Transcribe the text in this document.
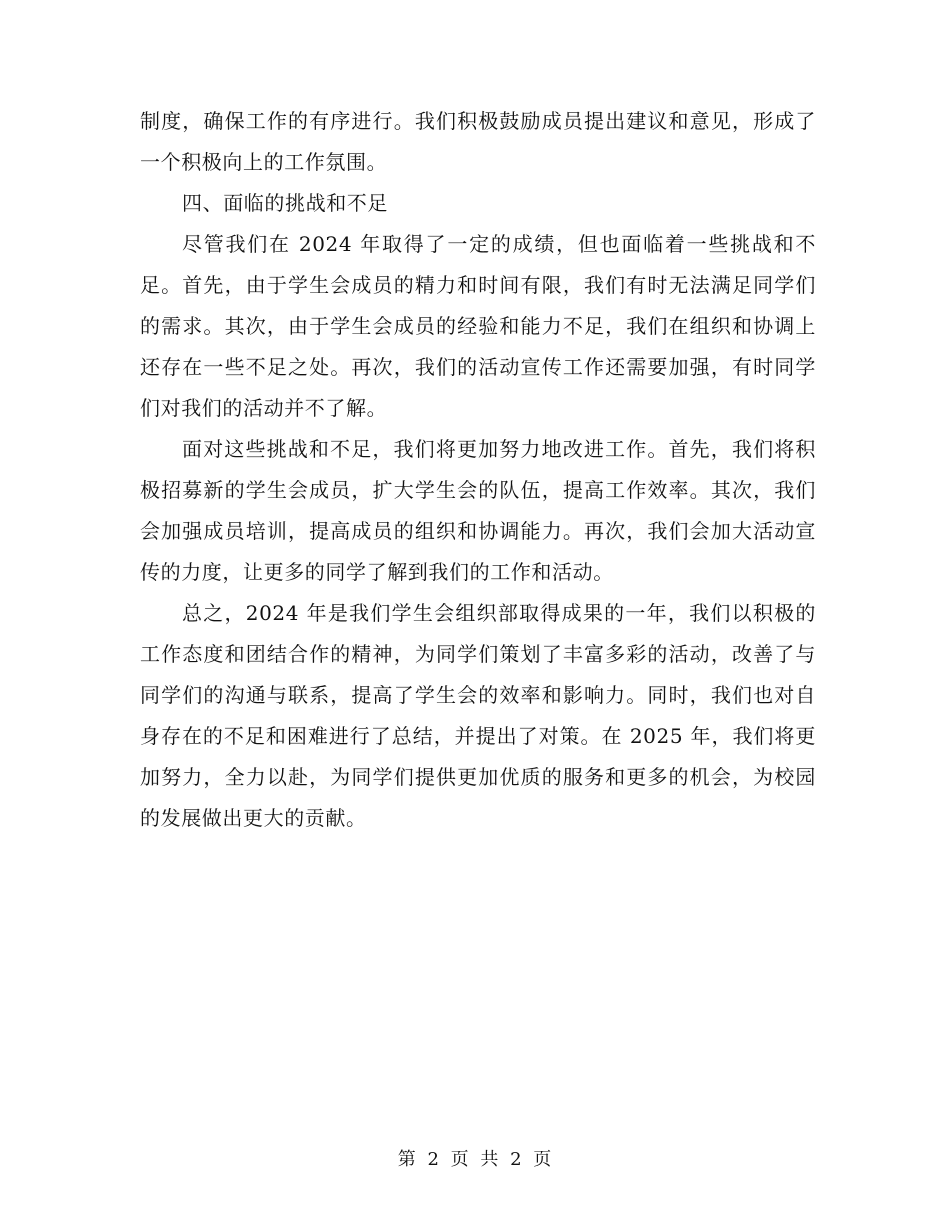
制度，确保工作的有序进行。我们积极鼓励成员提出建议和意见，形成了一个积极向上的工作氛围。

四、面临的挑战和不足

尽管我们在 2024 年取得了一定的成绩，但也面临着一些挑战和不足。首先，由于学生会成员的精力和时间有限，我们有时无法满足同学们的需求。其次，由于学生会成员的经验和能力不足，我们在组织和协调上还存在一些不足之处。再次，我们的活动宣传工作还需要加强，有时同学们对我们的活动并不了解。

面对这些挑战和不足，我们将更加努力地改进工作。首先，我们将积极招募新的学生会成员，扩大学生会的队伍，提高工作效率。其次，我们会加强成员培训，提高成员的组织和协调能力。再次，我们会加大活动宣传的力度，让更多的同学了解到我们的工作和活动。

总之，2024 年是我们学生会组织部取得成果的一年，我们以积极的工作态度和团结合作的精神，为同学们策划了丰富多彩的活动，改善了与同学们的沟通与联系，提高了学生会的效率和影响力。同时，我们也对自身存在的不足和困难进行了总结，并提出了对策。在 2025 年，我们将更加努力，全力以赴，为同学们提供更加优质的服务和更多的机会，为校园的发展做出更大的贡献。

第 2 页 共 2 页
